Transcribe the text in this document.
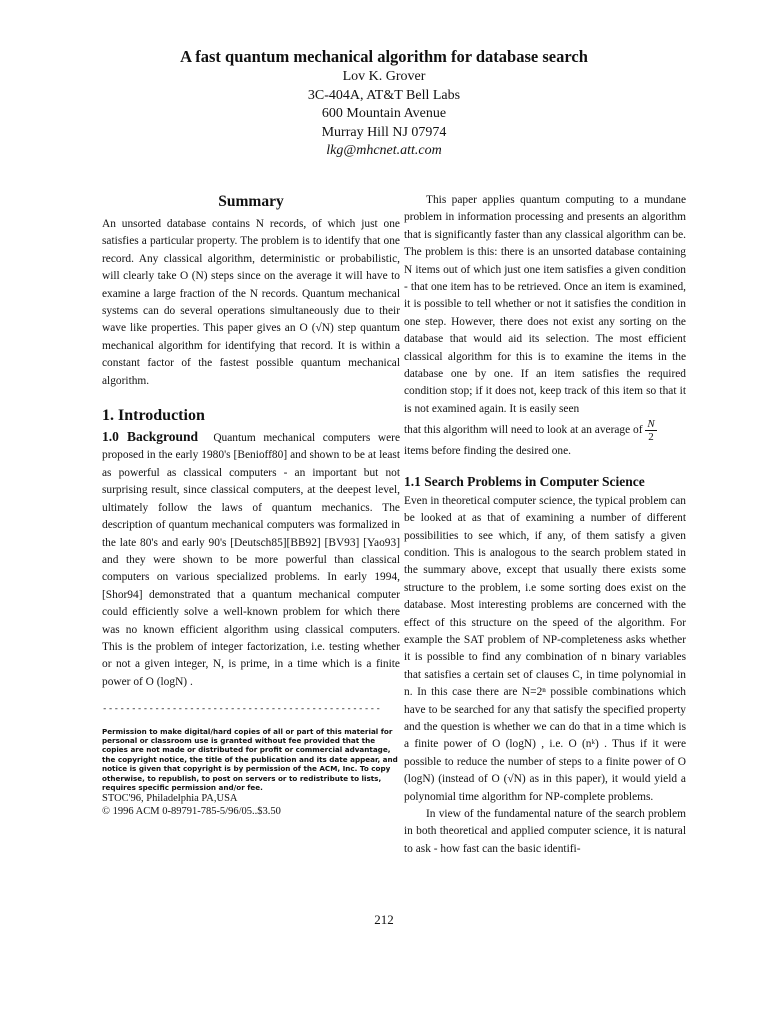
A fast quantum mechanical algorithm for database search

Lov K. Grover

3C-404A, AT&T Bell Labs

600 Mountain Avenue

Murray Hill NJ 07974

lkg@mhcnet.att.com

Summary

An unsorted database contains N records, of which just one satisfies a particular property. The problem is to identify that one record. Any classical algorithm, deterministic or probabilistic, will clearly take O (N) steps since on the average it will have to examine a large fraction of the N records. Quantum mechanical systems can do several operations simultaneously due to their wave like properties. This paper gives an O (√N) step quantum mechanical algorithm for identifying that record. It is within a constant factor of the fastest possible quantum mechanical algorithm.

1. Introduction

1.0 Background Quantum mechanical computers were proposed in the early 1980's [Benioff80] and shown to be at least as powerful as classical computers - an important but not surprising result, since classical computers, at the deepest level, ultimately follow the laws of quantum mechanics. The description of quantum mechanical computers was formalized in the late 80's and early 90's [Deutsch85][BB92] [BV93] [Yao93] and they were shown to be more powerful than classical computers on various specialized problems. In early 1994, [Shor94] demonstrated that a quantum mechanical computer could efficiently solve a well-known problem for which there was no known efficient algorithm using classical computers. This is the problem of integer factorization, i.e. testing whether or not a given integer, N, is prime, in a time which is a finite power of O (logN) .

------------------------------------------------

Permission to make digital/hard copies of all or part of this material for personal or classroom use is granted without fee provided that the copies are not made or distributed for profit or commercial advantage, the copyright notice, the title of the publication and its date appear, and notice is given that copyright is by permission of the ACM, Inc. To copy otherwise, to republish, to post on servers or to redistribute to lists, requires specific permission and/or fee.

STOC'96, Philadelphia PA,USA

© 1996 ACM 0-89791-785-5/96/05..$3.50

This paper applies quantum computing to a mundane problem in information processing and presents an algorithm that is significantly faster than any classical algorithm can be. The problem is this: there is an unsorted database containing N items out of which just one item satisfies a given condition - that one item has to be retrieved. Once an item is examined, it is possible to tell whether or not it satisfies the condition in one step. However, there does not exist any sorting on the database that would aid its selection. The most efficient classical algorithm for this is to examine the items in the database one by one. If an item satisfies the required condition stop; if it does not, keep track of this item so that it is not examined again. It is easily seen

that this algorithm will need to look at an average of $\frac{N}{2}$

items before finding the desired one.

1.1 Search Problems in Computer Science

Even in theoretical computer science, the typical problem can be looked at as that of examining a number of different possibilities to see which, if any, of them satisfy a given condition. This is analogous to the search problem stated in the summary above, except that usually there exists some structure to the problem, i.e some sorting does exist on the database. Most interesting problems are concerned with the effect of this structure on the speed of the algorithm. For example the SAT problem of NP-completeness asks whether it is possible to find any combination of n binary variables that satisfies a certain set of clauses C, in time polynomial in n. In this case there are N=2ⁿ possible combinations which have to be searched for any that satisfy the specified property and the question is whether we can do that in a time which is a finite power of O (logN) , i.e. O (nᵏ) . Thus if it were possible to reduce the number of steps to a finite power of O (logN) (instead of O (√N) as in this paper), it would yield a polynomial time algorithm for NP-complete problems.

In view of the fundamental nature of the search problem in both theoretical and applied computer science, it is natural to ask - how fast can the basic identifi-

212
